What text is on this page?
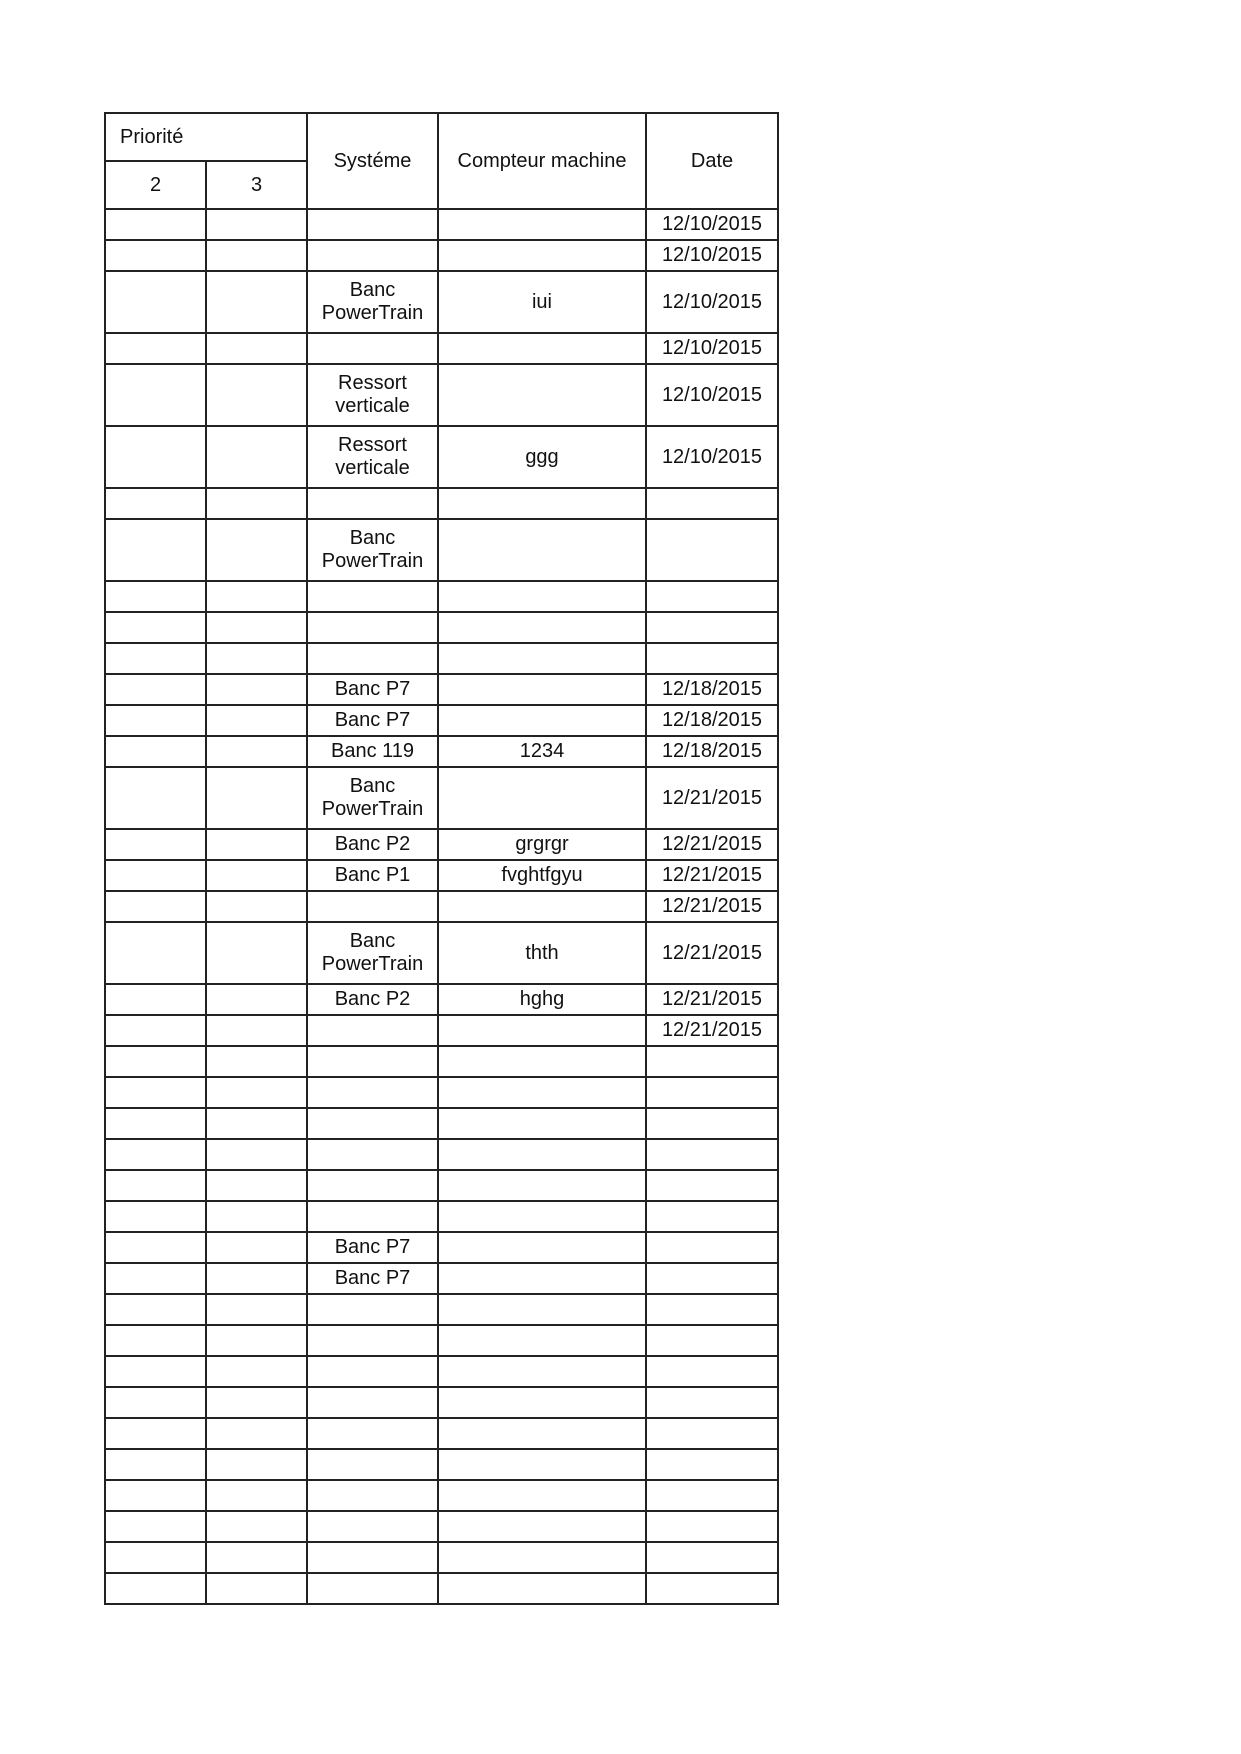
Priorité		Systéme	Compteur machine	Date
2	3			
				12/10/2015
				12/10/2015
		Banc PowerTrain	iui	12/10/2015
				12/10/2015
		Ressort verticale		12/10/2015
		Ressort verticale	ggg	12/10/2015

		Banc PowerTrain		

		Banc P7		12/18/2015
		Banc P7		12/18/2015
		Banc 119	1234	12/18/2015
		Banc PowerTrain		12/21/2015
		Banc P2	grgrgr	12/21/2015
		Banc P1	fvghtfgyu	12/21/2015
				12/21/2015
		Banc PowerTrain	thth	12/21/2015
		Banc P2	hghg	12/21/2015
				12/21/2015

		Banc P7		
		Banc P7		
